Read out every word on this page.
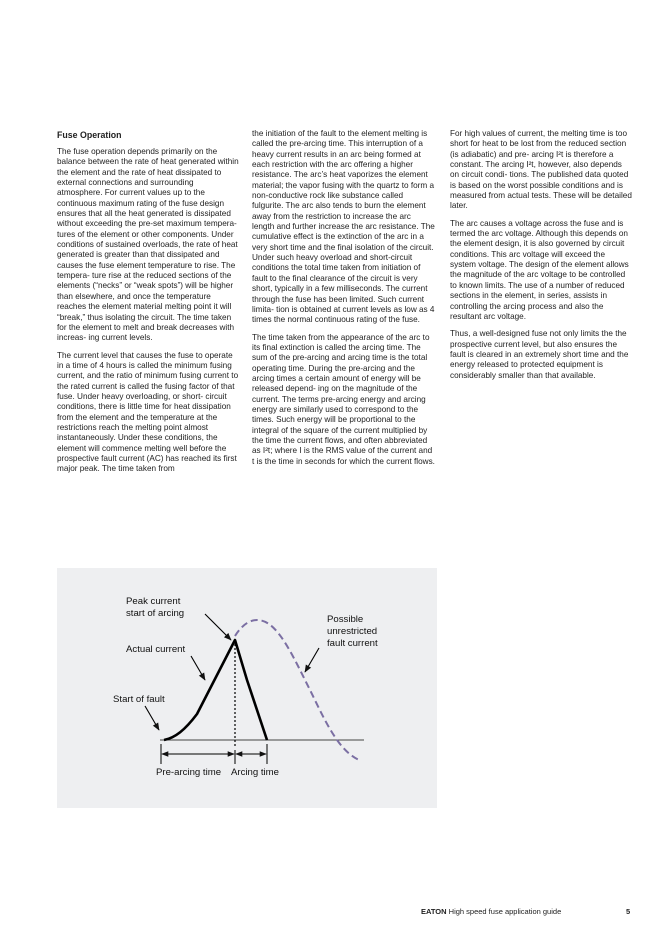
Fuse Operation

The fuse operation depends primarily on the balance between the rate of heat generated within the element and the rate of heat dissipated to external connections and surrounding atmosphere. For current values up to the continuous maximum rating of the fuse design ensures that all the heat generated is dissipated without exceeding the pre-set maximum tempera- tures of the element or other components. Under conditions of sustained overloads, the rate of heat generated is greater than that dissipated and causes the fuse element temperature to rise. The tempera- ture rise at the reduced sections of the elements (“necks” or “weak spots”) will be higher than elsewhere, and once the temperature reaches the element material melting point it will “break,” thus isolating the circuit. The time taken for the element to melt and break decreases with increas- ing current levels.

The current level that causes the fuse to operate in a time of 4 hours is called the minimum fusing current, and the ratio of minimum fusing current to the rated current is called the fusing factor of that fuse. Under heavy overloading, or short- circuit conditions, there is little time for heat dissipation from the element and the temperature at the restrictions reach the melting point almost instantaneously. Under these conditions, the element will commence melting well before the prospective fault current (AC) has reached its first major peak. The time taken from

the initiation of the fault to the element melting is called the pre-arcing time. This interruption of a heavy current results in an arc being formed at each restriction with the arc offering a higher resistance. The arc’s heat vaporizes the element material; the vapor fusing with the quartz to form a non-conductive rock like substance called fulgurite. The arc also tends to burn the element away from the restriction to increase the arc length and further increase the arc resistance. The cumulative effect is the extinction of the arc in a very short time and the final isolation of the circuit. Under such heavy overload and short-circuit conditions the total time taken from initiation of fault to the final clearance of the circuit is very short, typically in a few milliseconds. The current through the fuse has been limited. Such current limita- tion is obtained at current levels as low as 4 times the normal continuous rating of the fuse.

The time taken from the appearance of the arc to its final extinction is called the arcing time. The sum of the pre-arcing and arcing time is the total operating time. During the pre-arcing and the arcing times a certain amount of energy will be released depend- ing on the magnitude of the current. The terms pre-arcing energy and arcing energy are similarly used to correspond to the times. Such energy will be proportional to the integral of the square of the current multiplied by the time the current flows, and often abbreviated as I²t; where I is the RMS value of the current and t is the time in seconds for which the current flows.

For high values of current, the melting time is too short for heat to be lost from the reduced section (is adiabatic) and pre- arcing I²t is therefore a constant. The arcing I²t, however, also depends on circuit condi- tions. The published data quoted is based on the worst possible conditions and is measured from actual tests. These will be detailed later.

The arc causes a voltage across the fuse and is termed the arc voltage. Although this depends on the element design, it is also governed by circuit conditions. This arc voltage will exceed the system voltage. The design of the element allows the magnitude of the arc voltage to be controlled to known limits. The use of a number of reduced sections in the element, in series, assists in controlling the arcing process and also the resultant arc voltage.

Thus, a well-designed fuse not only limits the the prospective current level, but also ensures the fault is cleared in an extremely short time and the energy released to protected equipment is considerably smaller than that available.

Peak current
start of arcing
Actual current
Start of fault
Possible
unrestricted
fault current
Pre-arcing time Arcing time
EATON High speed fuse application guide	5
